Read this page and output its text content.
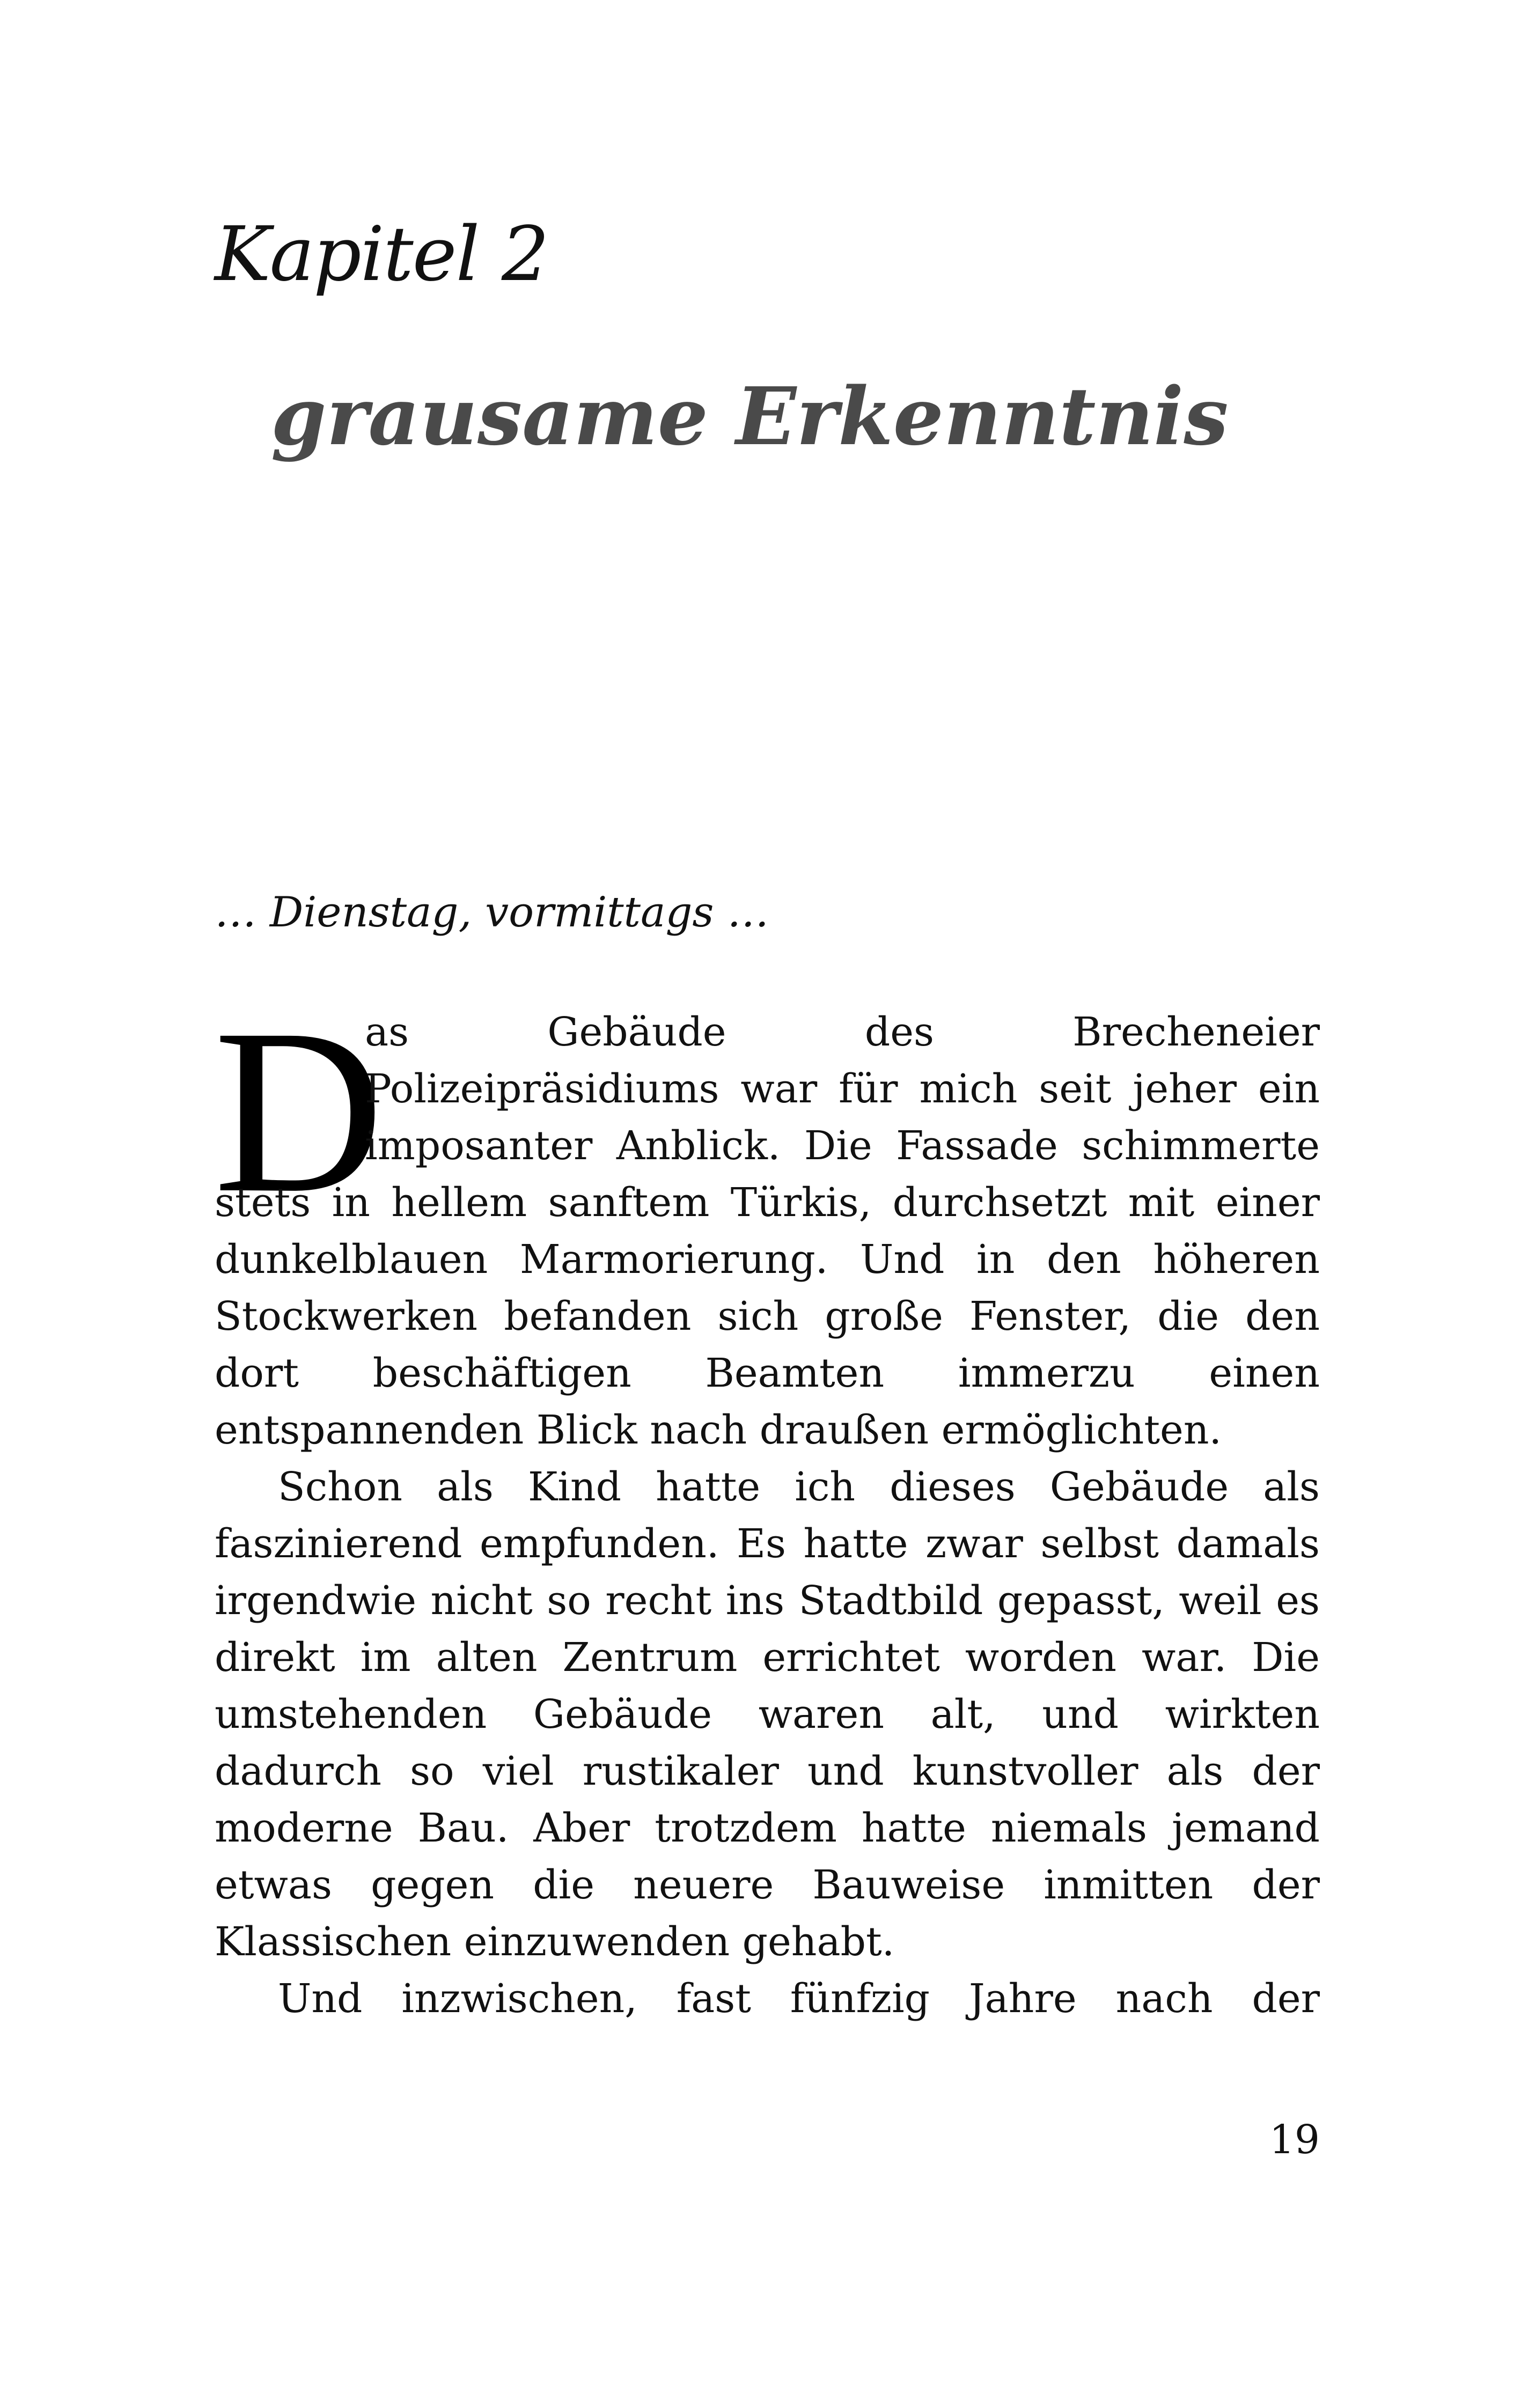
Kapitel 2
grausame Erkenntnis

… Dienstag, vormittags …

D

as Gebäude des Brecheneier

Polizeipräsidiums war für mich seit jeher ein

imposanter Anblick. Die Fassade schimmerte

stets in hellem sanftem Türkis, durchsetzt mit einer

dunkelblauen Marmorierung. Und in den höheren

Stockwerken befanden sich große Fenster, die den

dort beschäftigen Beamten immerzu einen

entspannenden Blick nach draußen ermöglichten.

Schon als Kind hatte ich dieses Gebäude als

faszinierend empfunden. Es hatte zwar selbst damals

irgendwie nicht so recht ins Stadtbild gepasst, weil es

direkt im alten Zentrum errichtet worden war. Die

umstehenden Gebäude waren alt, und wirkten

dadurch so viel rustikaler und kunstvoller als der

moderne Bau. Aber trotzdem hatte niemals jemand

etwas gegen die neuere Bauweise inmitten der

Klassischen einzuwenden gehabt.

Und inzwischen, fast fünfzig Jahre nach der

19
